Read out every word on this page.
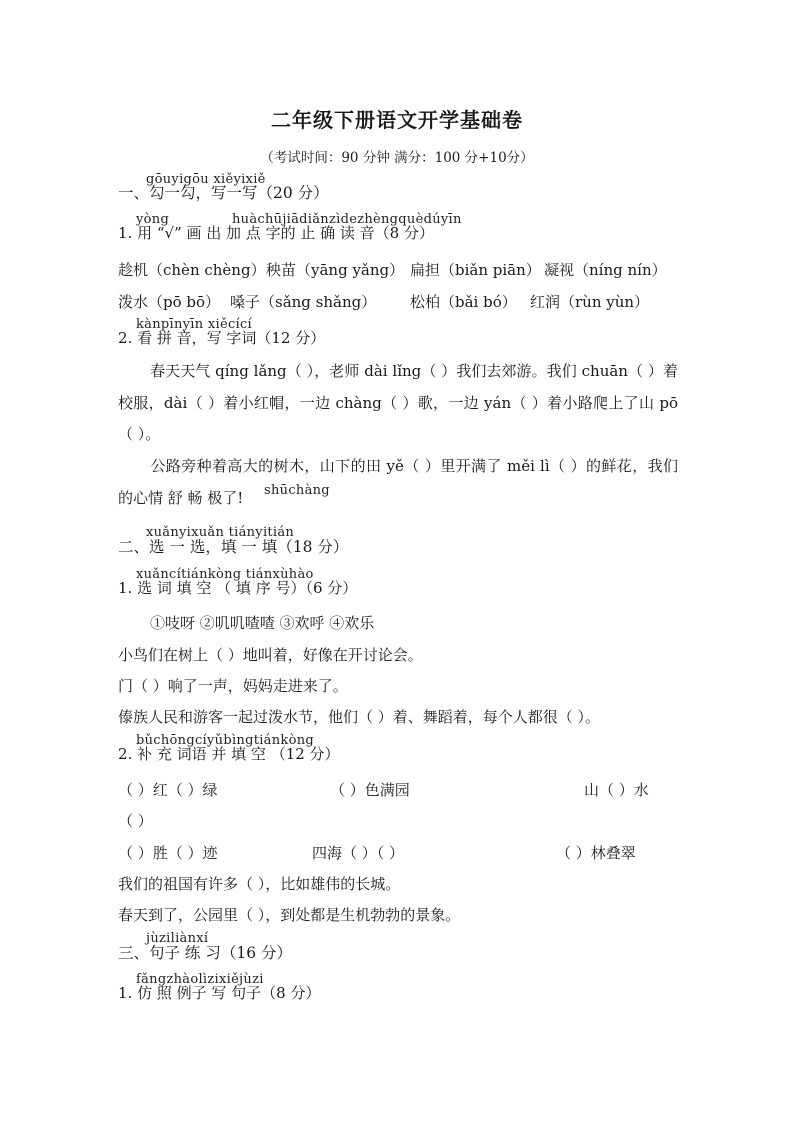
二年级下册语文开学基础卷
（考试时间：90 分钟 满分：100 分+10分）
gōuyigōu xiěyixiě
一、勾一勾，写一写（20 分）
yòng	huàchūjiādiǎnzìdezhèngquèdúyīn
1. 用 “√” 画 出 加 点 字的 止 确 读 音（8 分）
趁机（chèn chèng） 秧苗（yāng yǎng） 扁担（biǎn piān） 凝视（níng nín）
泼水（pō bō） 嗓子（sǎng shǎng） 松柏（bǎi bó） 红润（rùn yùn）
kànpīnyīn xiěcící
2. 看 拼 音，写 字词（12 分）
春天天气 qíng lǎng（ ），老师 dài lǐng（ ）我们去郊游。我们 chuān（ ）着校服，dài（ ）着小红帽，一边 chàng（ ）歌，一边 yán（ ）着小路爬上了山 pō（ ）。
shūchàng
公路旁种着高大的树木，山下的田 yě（ ）里开满了 měi lì（ ）的鲜花，我们的心情 舒 畅 极了!
xuǎnyixuǎn tiányitián
二、选 一 选，填 一 填（18 分）
xuǎncítiánkòng tiánxùhào
1. 选 词 填 空 （ 填 序 号）（6 分）
①吱呀 ②叽叽喳喳 ③欢呼 ④欢乐
小鸟们在树上（ ）地叫着，好像在开讨论会。
门（ ）响了一声，妈妈走进来了。
傣族人民和游客一起过泼水节，他们（ ）着、舞蹈着，每个人都很（ ）。
bǔchōngcíyǔbìngtiánkòng
2. 补 充 词语 并 填 空 （12 分）
（ ）红（ ）绿	（ ）色满园	山（ ）水
（ ）
（ ）胜（ ）迹	四海（ ）（ ）	（ ）林叠翠
我们的祖国有许多（ ），比如雄伟的长城。
春天到了，公园里（ ），到处都是生机勃勃的景象。
jùziliànxí
三、句子 练 习（16 分）
fǎngzhàolìzixiějùzi
1. 仿 照 例子 写 句子（8 分）
